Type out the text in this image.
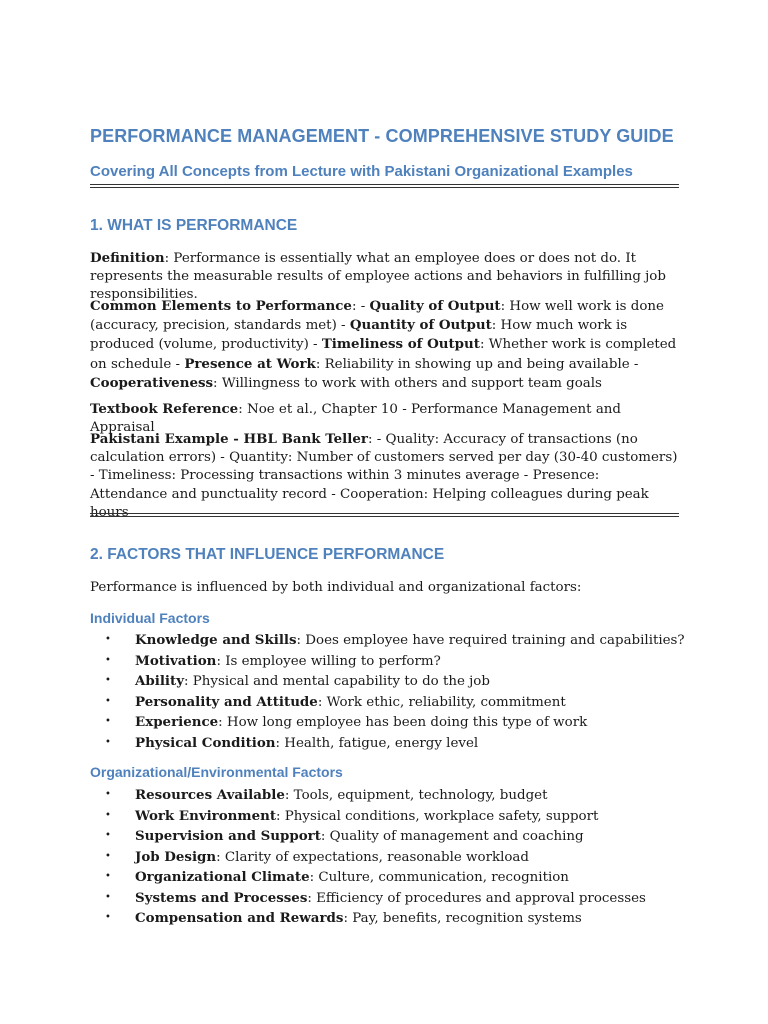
PERFORMANCE MANAGEMENT - COMPREHENSIVE STUDY GUIDE
Covering All Concepts from Lecture with Pakistani Organizational Examples
1. WHAT IS PERFORMANCE

Definition: Performance is essentially what an employee does or does not do. It represents the measurable results of employee actions and behaviors in fulfilling job responsibilities.

Common Elements to Performance: - Quality of Output: How well work is done (accuracy, precision, standards met) - Quantity of Output: How much work is produced (volume, productivity) - Timeliness of Output: Whether work is completed on schedule - Presence at Work: Reliability in showing up and being available - Cooperativeness: Willingness to work with others and support team goals

Textbook Reference: Noe et al., Chapter 10 - Performance Management and Appraisal

Pakistani Example - HBL Bank Teller: - Quality: Accuracy of transactions (no calculation errors) - Quantity: Number of customers served per day (30-40 customers) - Timeliness: Processing transactions within 3 minutes average - Presence: Attendance and punctuality record - Cooperation: Helping colleagues during peak hours

2. FACTORS THAT INFLUENCE PERFORMANCE

Performance is influenced by both individual and organizational factors:

Individual Factors
• Knowledge and Skills: Does employee have required training and capabilities?
• Motivation: Is employee willing to perform?
• Ability: Physical and mental capability to do the job
• Personality and Attitude: Work ethic, reliability, commitment
• Experience: How long employee has been doing this type of work
• Physical Condition: Health, fatigue, energy level
Organizational/Environmental Factors
• Resources Available: Tools, equipment, technology, budget
• Work Environment: Physical conditions, workplace safety, support
• Supervision and Support: Quality of management and coaching
• Job Design: Clarity of expectations, reasonable workload
• Organizational Climate: Culture, communication, recognition
• Systems and Processes: Efficiency of procedures and approval processes
• Compensation and Rewards: Pay, benefits, recognition systems
